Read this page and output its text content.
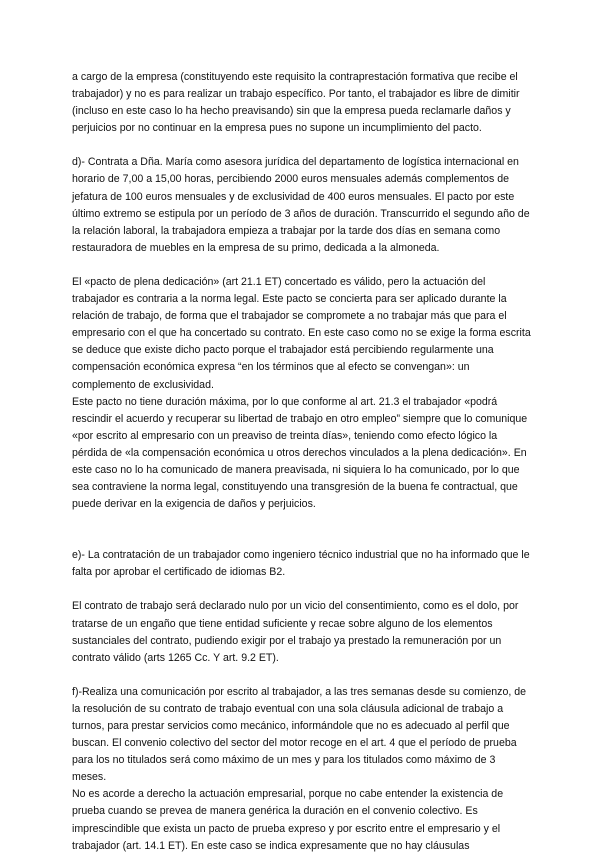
a cargo de la empresa (constituyendo este requisito la contraprestación formativa que recibe el trabajador) y no es para realizar un trabajo específico. Por tanto, el trabajador es libre de dimitir (incluso en este caso lo ha hecho preavisando) sin que la empresa pueda reclamarle daños y perjuicios por no continuar en la empresa pues no supone un incumplimiento del pacto.

d)- Contrata a Dña. María como asesora jurídica del departamento de logística internacional en horario de 7,00 a 15,00 horas, percibiendo 2000 euros mensuales además complementos de jefatura de 100 euros mensuales y de exclusividad de 400 euros mensuales. El pacto por este último extremo se estipula por un período de 3 años de duración. Transcurrido el segundo año de la relación laboral, la trabajadora empieza a trabajar por la tarde dos días en semana como restauradora de muebles en la empresa de su primo, dedicada a la almoneda.

El «pacto de plena dedicación» (art 21.1 ET) concertado es válido, pero la actuación del trabajador es contraria a la norma legal. Este pacto se concierta para ser aplicado durante la relación de trabajo, de forma que el trabajador se compromete a no trabajar más que para el empresario con el que ha concertado su contrato. En este caso como no se exige la forma escrita se deduce que existe dicho pacto porque el trabajador está percibiendo regularmente una compensación económica expresa “en los términos que al efecto se convengan»: un complemento de exclusividad.

Este pacto no tiene duración máxima, por lo que conforme al art. 21.3 el trabajador «podrá rescindir el acuerdo y recuperar su libertad de trabajo en otro empleo” siempre que lo comunique «por escrito al empresario con un preaviso de treinta días», teniendo como efecto lógico la pérdida de «la compensación económica u otros derechos vinculados a la plena dedicación». En este caso no lo ha comunicado de manera preavisada, ni siquiera lo ha comunicado, por lo que sea contraviene la norma legal, constituyendo una transgresión de la buena fe contractual, que puede derivar en la exigencia de daños y perjuicios.

e)- La contratación de un trabajador como ingeniero técnico industrial que no ha informado que le falta por aprobar el certificado de idiomas B2.

El contrato de trabajo será declarado nulo por un vicio del consentimiento, como es el dolo, por tratarse de un engaño que tiene entidad suficiente y recae sobre alguno de los elementos sustanciales del contrato, pudiendo exigir por el trabajo ya prestado la remuneración por un contrato válido (arts 1265 Cc. Y art. 9.2 ET).

f)-Realiza una comunicación por escrito al trabajador, a las tres semanas desde su comienzo, de la resolución de su contrato de trabajo eventual con una sola cláusula adicional de trabajo a turnos, para prestar servicios como mecánico, informándole que no es adecuado al perfil que buscan. El convenio colectivo del sector del motor recoge en el art. 4 que el período de prueba para los no titulados será como máximo de un mes y para los titulados como máximo de 3 meses.

No es acorde a derecho la actuación empresarial, porque no cabe entender la existencia de prueba cuando se prevea de manera genérica la duración en el convenio colectivo. Es imprescindible que exista un pacto de prueba expreso y por escrito entre el empresario y el trabajador (art. 14.1 ET). En este caso se indica expresamente que no hay cláusulas
